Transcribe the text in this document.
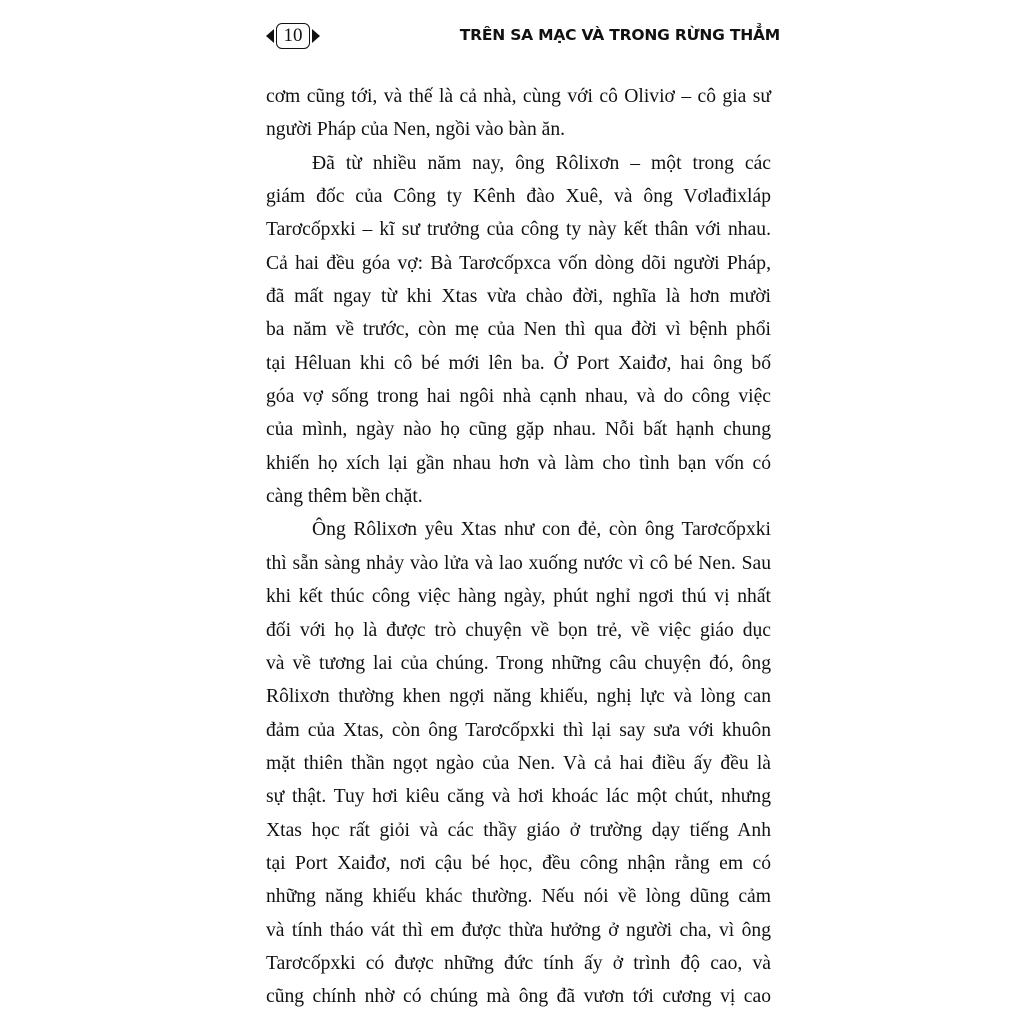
10	TRÊN SA MẠC VÀ TRONG RỪNG THẲM
cơm cũng tới, và thế là cả nhà, cùng với cô Oliviơ – cô gia sư
người Pháp của Nen, ngồi vào bàn ăn.
Đã từ nhiều năm nay, ông Rôlixơn – một trong các
giám đốc của Công ty Kênh đào Xuê, và ông Vơlađixláp
Tarơcốpxki – kĩ sư trưởng của công ty này kết thân với nhau.
Cả hai đều góa vợ: Bà Tarơcốpxca vốn dòng dõi người Pháp,
đã mất ngay từ khi Xtas vừa chào đời, nghĩa là hơn mười
ba năm về trước, còn mẹ của Nen thì qua đời vì bệnh phổi
tại Hêluan khi cô bé mới lên ba. Ở Port Xaiđơ, hai ông bố
góa vợ sống trong hai ngôi nhà cạnh nhau, và do công việc
của mình, ngày nào họ cũng gặp nhau. Nỗi bất hạnh chung
khiến họ xích lại gần nhau hơn và làm cho tình bạn vốn có
càng thêm bền chặt.
Ông Rôlixơn yêu Xtas như con đẻ, còn ông Tarơcốpxki
thì sẵn sàng nhảy vào lửa và lao xuống nước vì cô bé Nen. Sau
khi kết thúc công việc hàng ngày, phút nghỉ ngơi thú vị nhất
đối với họ là được trò chuyện về bọn trẻ, về việc giáo dục
và về tương lai của chúng. Trong những câu chuyện đó, ông
Rôlixơn thường khen ngợi năng khiếu, nghị lực và lòng can
đảm của Xtas, còn ông Tarơcốpxki thì lại say sưa với khuôn
mặt thiên thần ngọt ngào của Nen. Và cả hai điều ấy đều là
sự thật. Tuy hơi kiêu căng và hơi khoác lác một chút, nhưng
Xtas học rất giỏi và các thầy giáo ở trường dạy tiếng Anh
tại Port Xaiđơ, nơi cậu bé học, đều công nhận rằng em có
những năng khiếu khác thường. Nếu nói về lòng dũng cảm
và tính tháo vát thì em được thừa hưởng ở người cha, vì ông
Tarơcốpxki có được những đức tính ấy ở trình độ cao, và
cũng chính nhờ có chúng mà ông đã vươn tới cương vị cao
